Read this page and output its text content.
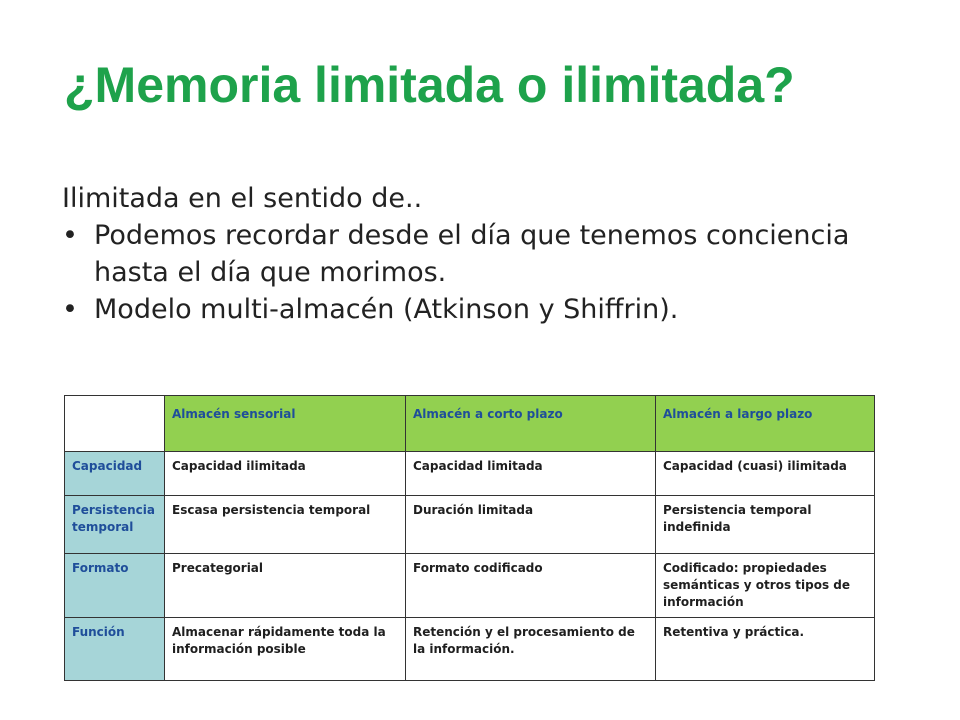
¿Memoria limitada o ilimitada?

Ilimitada en el sentido de..

• Podemos recordar desde el día que tenemos conciencia hasta el día que morimos.
• Modelo multi-almacén (Atkinson y Shiffrin).
	Almacén sensorial	Almacén a corto plazo	Almacén a largo plazo
Capacidad	Capacidad ilimitada	Capacidad limitada	Capacidad (cuasi) ilimitada
Persistencia temporal	Escasa persistencia temporal	Duración limitada	Persistencia temporal indefinida
Formato	Precategorial	Formato codificado	Codificado: propiedades semánticas y otros tipos de información
Función	Almacenar rápidamente toda la información posible	Retención y el procesamiento de la información.	Retentiva y práctica.
